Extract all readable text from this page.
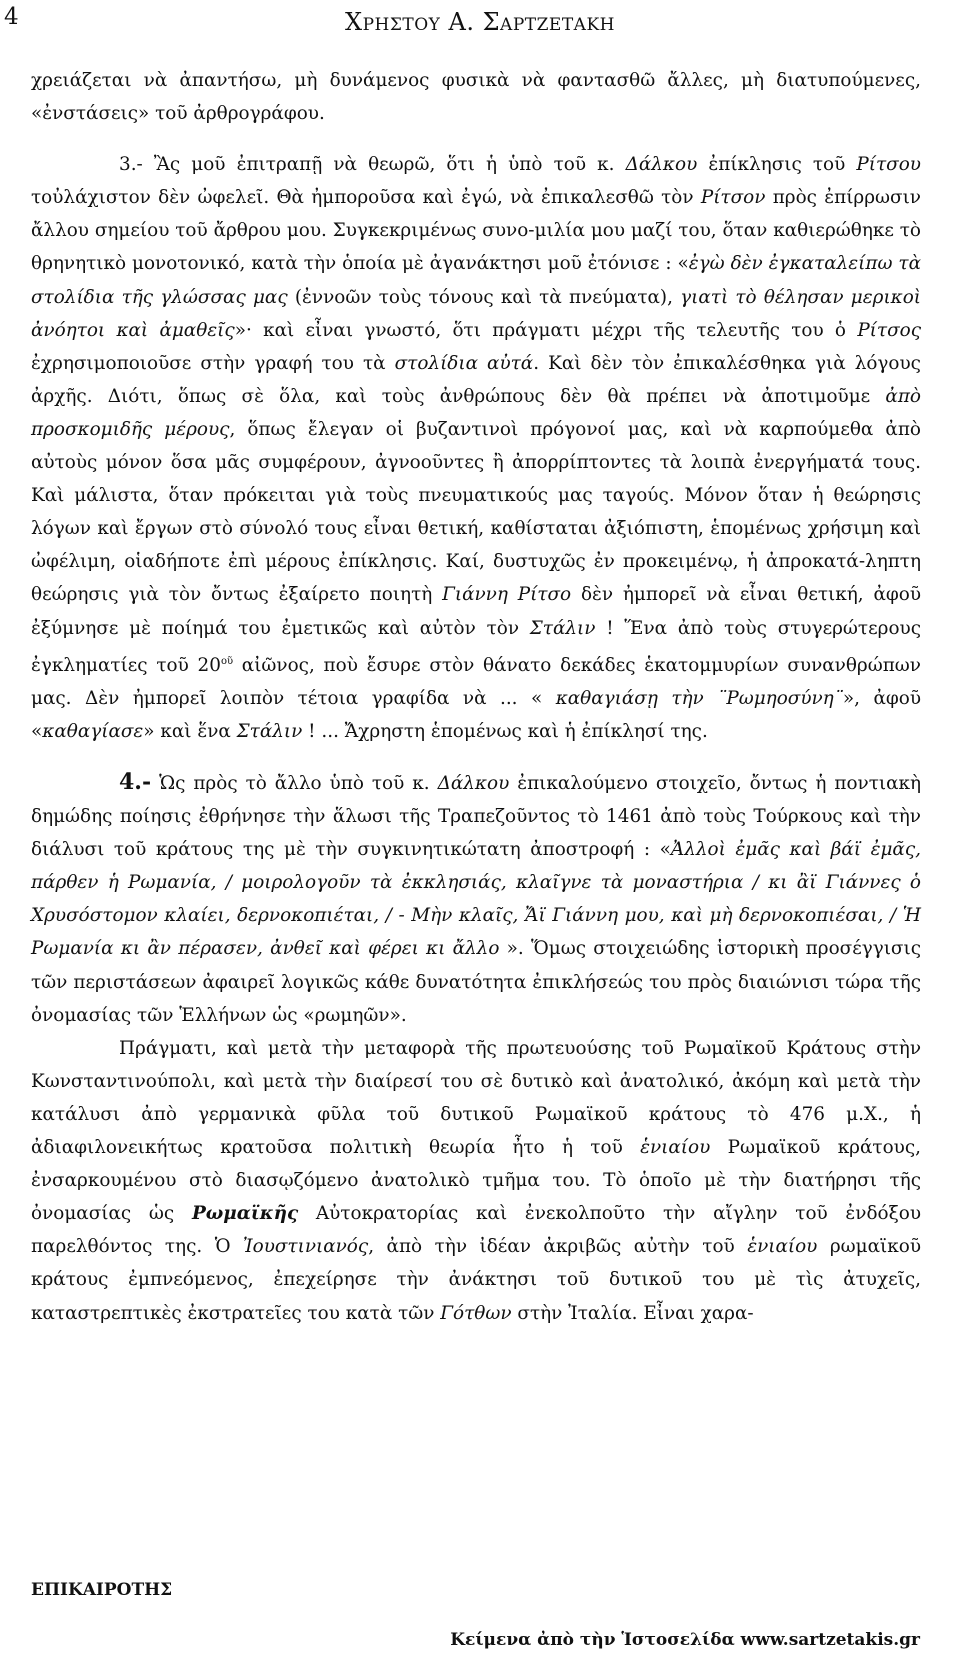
4	Χρηστου Α. Σαρτζετακη

χρειάζεται νὰ ἀπαντήσω, μὴ δυνάμενος φυσικὰ νὰ φαντασθῶ ἄλλες, μὴ διατυπούμενες, «ἐνστάσεις» τοῦ ἀρθρογράφου.

3.- Ἂς μοῦ ἐπιτραπῇ νὰ θεωρῶ, ὅτι ἡ ὑπὸ τοῦ κ. Δάλκου ἐπίκλησις τοῦ Ρίτσου τοὐλάχιστον δὲν ὠφελεῖ. Θὰ ἠμποροῦσα καὶ ἐγώ, νὰ ἐπικαλεσθῶ τὸν Ρίτσον πρὸς ἐπίρρωσιν ἄλλου σημείου τοῦ ἄρθρου μου. Συγκεκριμένως συνο-μιλία μου μαζί του, ὅταν καθιερώθηκε τὸ θρηνητικὸ μονοτονικό, κατὰ τὴν ὁποία μὲ ἀγανάκτησι μοῦ ἐτόνισε : «ἐγὼ δὲν ἐγκαταλείπω τὰ στολίδια τῆς γλώσσας μας (ἐννοῶν τοὺς τόνους καὶ τὰ πνεύματα), γιατὶ τὸ θέλησαν μερικοὶ ἀνόητοι καὶ ἀμαθεῖς»· καὶ εἶναι γνωστό, ὅτι πράγματι μέχρι τῆς τελευτῆς του ὁ Ρίτσος ἐχρησιμοποιοῦσε στὴν γραφή του τὰ στολίδια αὐτά. Καὶ δὲν τὸν ἐπικαλέσθηκα γιὰ λόγους ἀρχῆς. Διότι, ὅπως σὲ ὅλα, καὶ τοὺς ἀνθρώπους δὲν θὰ πρέπει νὰ ἀποτιμοῦμε ἀπὸ προσκομιδῆς μέρους, ὅπως ἔλεγαν οἱ βυζαντινοὶ πρόγονοί μας, καὶ νὰ καρπούμεθα ἀπὸ αὐτοὺς μόνον ὅσα μᾶς συμφέρουν, ἀγνοοῦντες ἢ ἀπορρίπτοντες τὰ λοιπὰ ἐνεργήματά τους. Καὶ μάλιστα, ὅταν πρόκειται γιὰ τοὺς πνευματικούς μας ταγούς. Μόνον ὅταν ἡ θεώρησις λόγων καὶ ἔργων στὸ σύνολό τους εἶναι θετική, καθίσταται ἀξιόπιστη, ἑπομένως χρήσιμη καὶ ὠφέλιμη, οἱαδήποτε ἐπὶ μέρους ἐπίκλησις. Καί, δυστυχῶς ἐν προκειμένῳ, ἡ ἀπροκατά-ληπτη θεώρησις γιὰ τὸν ὄντως ἐξαίρετο ποιητὴ Γιάννη Ρίτσο δὲν ἠμπορεῖ νὰ εἶναι θετική, ἀφοῦ ἐξύμνησε μὲ ποίημά του ἐμετικῶς καὶ αὐτὸν τὸν Στάλιν ! Ἕνα ἀπὸ τοὺς στυγερώτερους ἐγκληματίες τοῦ $20^{oῦ}$ αἰῶνος, ποὺ ἔσυρε στὸν θάνατο δεκάδες ἑκατομμυρίων συνανθρώπων μας. Δὲν ἠμπορεῖ λοιπὸν τέτοια γραφίδα νὰ ... « καθαγιάσῃ τὴν ¨Ρωμηοσύνη¨», ἀφοῦ «καθαγίασε» καὶ ἕνα Στάλιν ! ... Ἄχρηστη ἑπομένως καὶ ἡ ἐπίκλησί της.

4.- Ὡς πρὸς τὸ ἄλλο ὑπὸ τοῦ κ. Δάλκου ἐπικαλούμενο στοιχεῖο, ὄντως ἡ ποντιακὴ δημώδης ποίησις ἐθρήνησε τὴν ἅλωσι τῆς Τραπεζοῦντος τὸ 1461 ἀπὸ τοὺς Τούρκους καὶ τὴν διάλυσι τοῦ κράτους της μὲ τὴν συγκινητικώτατη ἀποστροφή : «Ἀλλοὶ ἐμᾶς καὶ βάϊ ἐμᾶς, πάρθεν ἡ Ρωμανία, / μοιρολογοῦν τὰ ἐκκλησιάς, κλαῖγνε τὰ μοναστήρια / κι ἂϊ Γιάννες ὁ Χρυσόστομον κλαίει, δερνοκοπιέται, / - Μὴν κλαῖς, Ἄϊ Γιάννη μου, καὶ μὴ δερνοκοπιέσαι, / Ἡ Ρωμανία κι ἂν πέρασεν, ἀνθεῖ καὶ φέρει κι ἄλλο ». Ὅμως στοιχειώδης ἱστορικὴ προσέγγισις τῶν περιστάσεων ἀφαιρεῖ λογικῶς κάθε δυνατότητα ἐπικλήσεώς του πρὸς διαιώνισι τώρα τῆς ὀνομασίας τῶν Ἑλλήνων ὡς «ρωμηῶν».

Πράγματι, καὶ μετὰ τὴν μεταφορὰ τῆς πρωτευούσης τοῦ Ρωμαϊκοῦ Κράτους στὴν Κωνσταντινούπολι, καὶ μετὰ τὴν διαίρεσί του σὲ δυτικὸ καὶ ἀνατολικό, ἀκόμη καὶ μετὰ τὴν κατάλυσι ἀπὸ γερμανικὰ φῦλα τοῦ δυτικοῦ Ρωμαϊκοῦ κράτους τὸ 476 μ.Χ., ἡ ἀδιαφιλονεικήτως κρατοῦσα πολιτικὴ θεωρία ἦτο ἡ τοῦ ἑνιαίου Ρωμαϊκοῦ κράτους, ἐνσαρκουμένου στὸ διασῳζόμενο ἀνατολικὸ τμῆμα του. Τὸ ὁποῖο μὲ τὴν διατήρησι τῆς ὀνομασίας ὡς Ρωμαϊκῆς Αὐτοκρατορίας καὶ ἐνεκολποῦτο τὴν αἴγλην τοῦ ἐνδόξου παρελθόντος της. Ὁ Ἰουστινιανός, ἀπὸ τὴν ἰδέαν ἀκριβῶς αὐτὴν τοῦ ἑνιαίου ρωμαϊκοῦ κράτους ἐμπνεόμενος, ἐπεχείρησε τὴν ἀνάκτησι τοῦ δυτικοῦ του μὲ τὶς ἀτυχεῖς, καταστρεπτικὲς ἐκστρατεῖες του κατὰ τῶν Γότθων στὴν Ἰταλία. Εἶναι χαρα-

ΕΠΙΚΑΙΡΟΤΗΣ
Κείμενα ἀπὸ τὴν Ἱστοσελίδα www.sartzetakis.gr
